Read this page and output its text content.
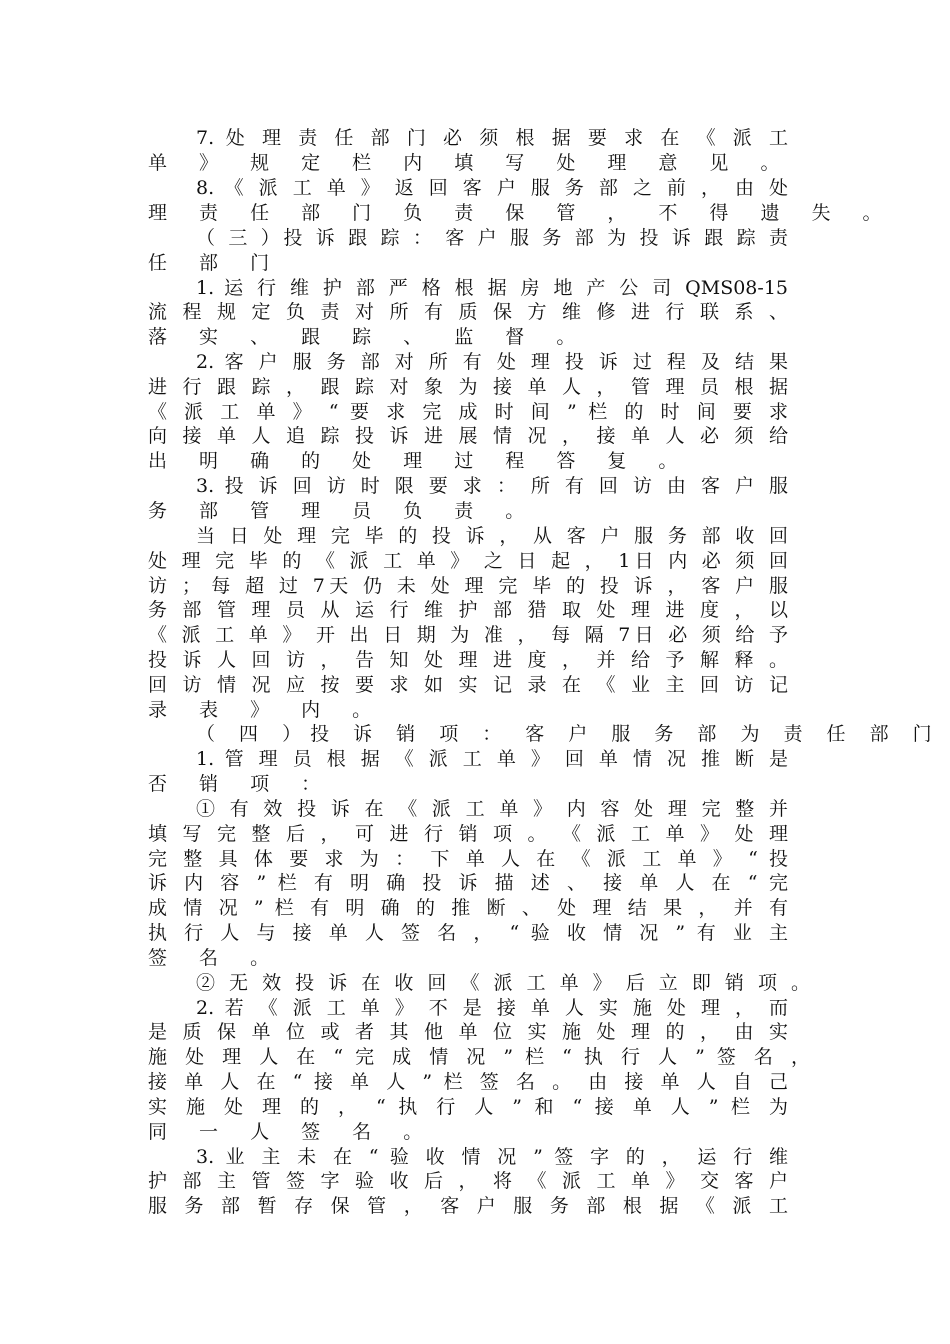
7. 处 理 责 任 部 门 必 须 根 据 要 求 在 《 派 工
单 》 规 定 栏 内 填 写 处 理 意 见 。
8. 《 派 工 单 》 返 回 客 户 服 务 部 之 前 ， 由 处
理 责 任 部 门 负 责 保 管 ， 不 得 遗 失 。
（ 三 ）投 诉 跟 踪 ： 客 户 服 务 部 为 投 诉 跟 踪 责
任 部 门
1. 运 行 维 护 部 严 格 根 据 房 地 产 公 司 QMS08-15
流 程 规 定 负 责 对 所 有 质 保 方 维 修 进 行 联 系 、
落 实 、 跟 踪 、 监 督 。
2. 客 户 服 务 部 对 所 有 处 理 投 诉 过 程 及 结 果
进 行 跟 踪 ， 跟 踪 对 象 为 接 单 人 ， 管 理 员 根 据
《 派 工 单 》 “ 要 求 完 成 时 间 ” 栏 的 时 间 要 求
向 接 单 人 追 踪 投 诉 进 展 情 况 ， 接 单 人 必 须 给
出 明 确 的 处 理 过 程 答 复 。
3. 投 诉 回 访 时 限 要 求 ： 所 有 回 访 由 客 户 服
务 部 管 理 员 负 责 。
当 日 处 理 完 毕 的 投 诉 ， 从 客 户 服 务 部 收 回
处 理 完 毕 的 《 派 工 单 》 之 日 起 ， 1日 内 必 须 回
访 ； 每 超 过 7天 仍 未 处 理 完 毕 的 投 诉 ， 客 户 服
务 部 管 理 员 从 运 行 维 护 部 猎 取 处 理 进 度 ， 以
《 派 工 单 》 开 出 日 期 为 准 ， 每 隔 7日 必 须 给 予
投 诉 人 回 访 ， 告 知 处 理 进 度 ， 并 给 予 解 释 。
回 访 情 况 应 按 要 求 如 实 记 录 在 《 业 主 回 访 记
录 表 》 内 。
（ 四 ）投 诉 销 项 ： 客 户 服 务 部 为 责 任 部 门
1. 管 理 员 根 据 《 派 工 单 》 回 单 情 况 推 断 是
否 销 项 ：
① 有 效 投 诉 在 《 派 工 单 》 内 容 处 理 完 整 并
填 写 完 整 后 ， 可 进 行 销 项 。 《 派 工 单 》 处 理
完 整 具 体 要 求 为 ： 下 单 人 在 《 派 工 单 》 “ 投
诉 内 容 ” 栏 有 明 确 投 诉 描 述 、 接 单 人 在 “ 完
成 情 况 ” 栏 有 明 确 的 推 断 、 处 理 结 果 ， 并 有
执 行 人 与 接 单 人 签 名 ， “ 验 收 情 况 ” 有 业 主
签 名 。
② 无 效 投 诉 在 收 回 《 派 工 单 》 后 立 即 销 项 。
2. 若 《 派 工 单 》 不 是 接 单 人 实 施 处 理 ， 而
是 质 保 单 位 或 者 其 他 单 位 实 施 处 理 的 ， 由 实
施 处 理 人 在 “ 完 成 情 况 ” 栏 “ 执 行 人 ” 签 名 ，
接 单 人 在 “ 接 单 人 ” 栏 签 名 。 由 接 单 人 自 己
实 施 处 理 的 ， “ 执 行 人 ” 和 “ 接 单 人 ” 栏 为
同 一 人 签 名 。
3. 业 主 未 在 “ 验 收 情 况 ” 签 字 的 ， 运 行 维
护 部 主 管 签 字 验 收 后 ， 将 《 派 工 单 》 交 客 户
服 务 部 暂 存 保 管 ， 客 户 服 务 部 根 据 《 派 工
